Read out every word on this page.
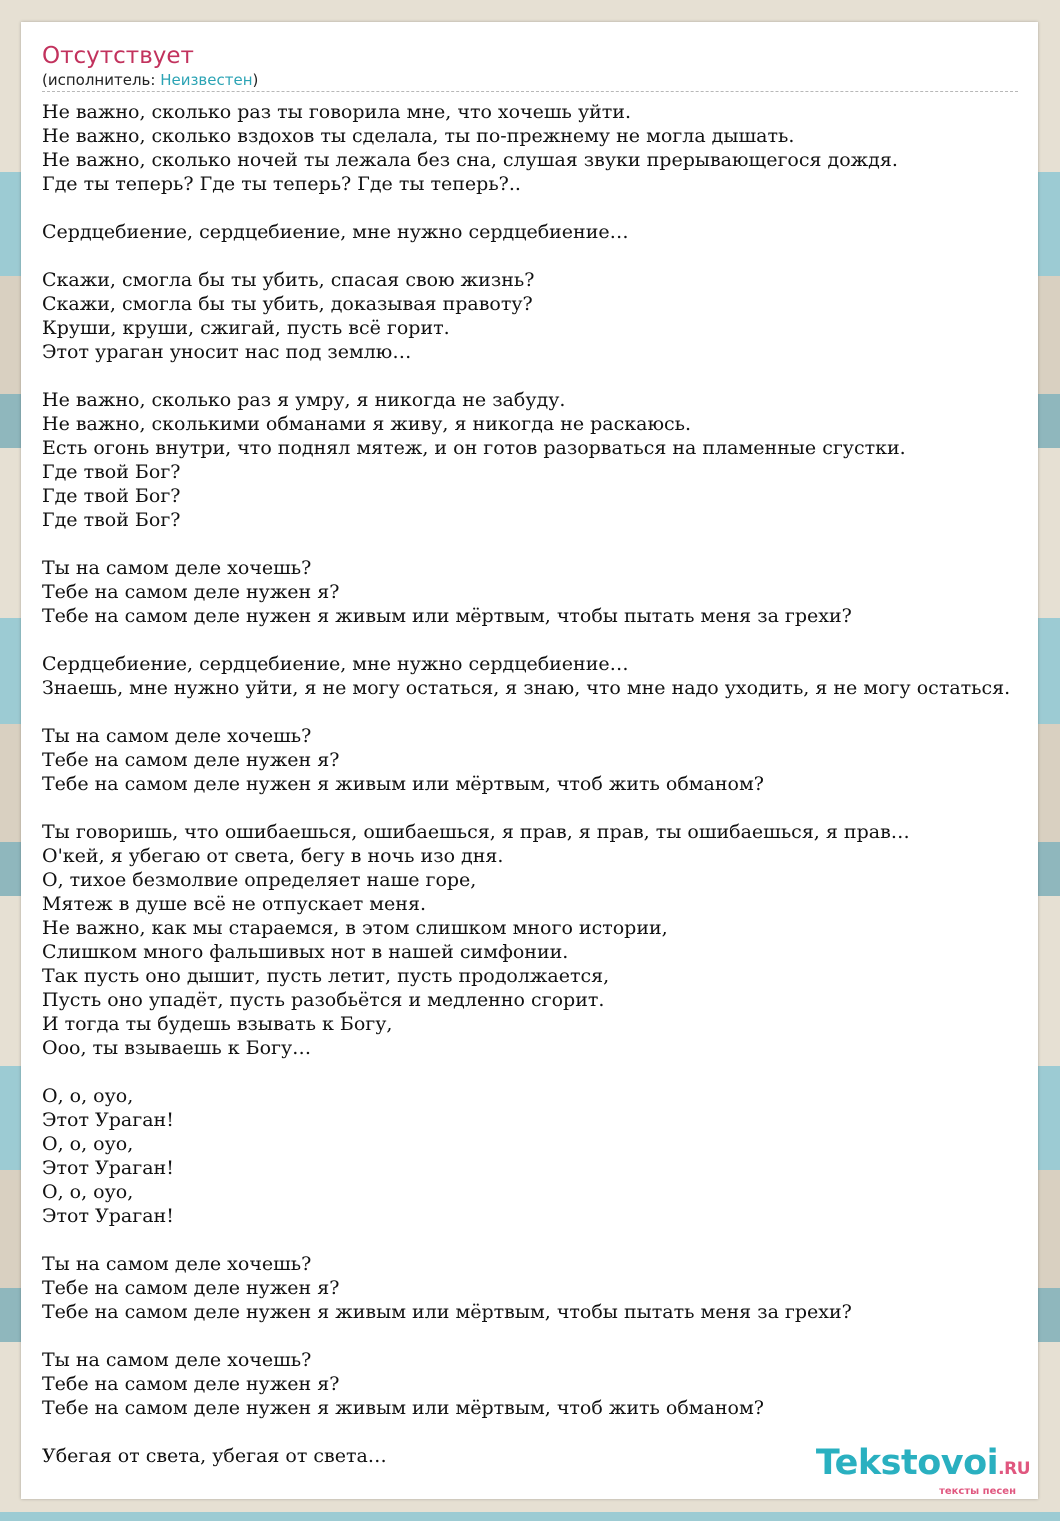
Отсутствует
(исполнитель: Неизвестен)
Не важно, сколько раз ты говорила мне, что хочешь уйти.
Не важно, сколько вздохов ты сделала, ты по-прежнему не могла дышать.
Не важно, сколько ночей ты лежала без сна, слушая звуки прерывающегося дождя.
Где ты теперь? Где ты теперь? Где ты теперь?..
Сердцебиение, сердцебиение, мне нужно сердцебиение…
Скажи, смогла бы ты убить, спасая свою жизнь?
Скажи, смогла бы ты убить, доказывая правоту?
Круши, круши, сжигай, пусть всё горит.
Этот ураган уносит нас под землю…
Не важно, сколько раз я умру, я никогда не забуду.
Не важно, сколькими обманами я живу, я никогда не раскаюсь.
Есть огонь внутри, что поднял мятеж, и он готов разорваться на пламенные сгустки.
Где твой Бог?
Где твой Бог?
Где твой Бог?
Ты на самом деле хочешь?
Тебе на самом деле нужен я?
Тебе на самом деле нужен я живым или мёртвым, чтобы пытать меня за грехи?
Сердцебиение, сердцебиение, мне нужно сердцебиение…
Знаешь, мне нужно уйти, я не могу остаться, я знаю, что мне надо уходить, я не могу остаться.
Ты на самом деле хочешь?
Тебе на самом деле нужен я?
Тебе на самом деле нужен я живым или мёртвым, чтоб жить обманом?
Ты говоришь, что ошибаешься, ошибаешься, я прав, я прав, ты ошибаешься, я прав…
О'кей, я убегаю от света, бегу в ночь изо дня.
О, тихое безмолвие определяет наше горе,
Мятеж в душе всё не отпускает меня.
Не важно, как мы стараемся, в этом слишком много истории,
Слишком много фальшивых нот в нашей симфонии.
Так пусть оно дышит, пусть летит, пусть продолжается,
Пусть оно упадёт, пусть разобьётся и медленно сгорит.
И тогда ты будешь взывать к Богу,
Ооо, ты взываешь к Богу…
О, о, оуо,
Этот Ураган!
О, о, оуо,
Этот Ураган!
О, о, оуо,
Этот Ураган!
Ты на самом деле хочешь?
Тебе на самом деле нужен я?
Тебе на самом деле нужен я живым или мёртвым, чтобы пытать меня за грехи?
Ты на самом деле хочешь?
Тебе на самом деле нужен я?
Тебе на самом деле нужен я живым или мёртвым, чтоб жить обманом?
Убегая от света, убегая от света…	Tekstovoi.RU
тексты песен
